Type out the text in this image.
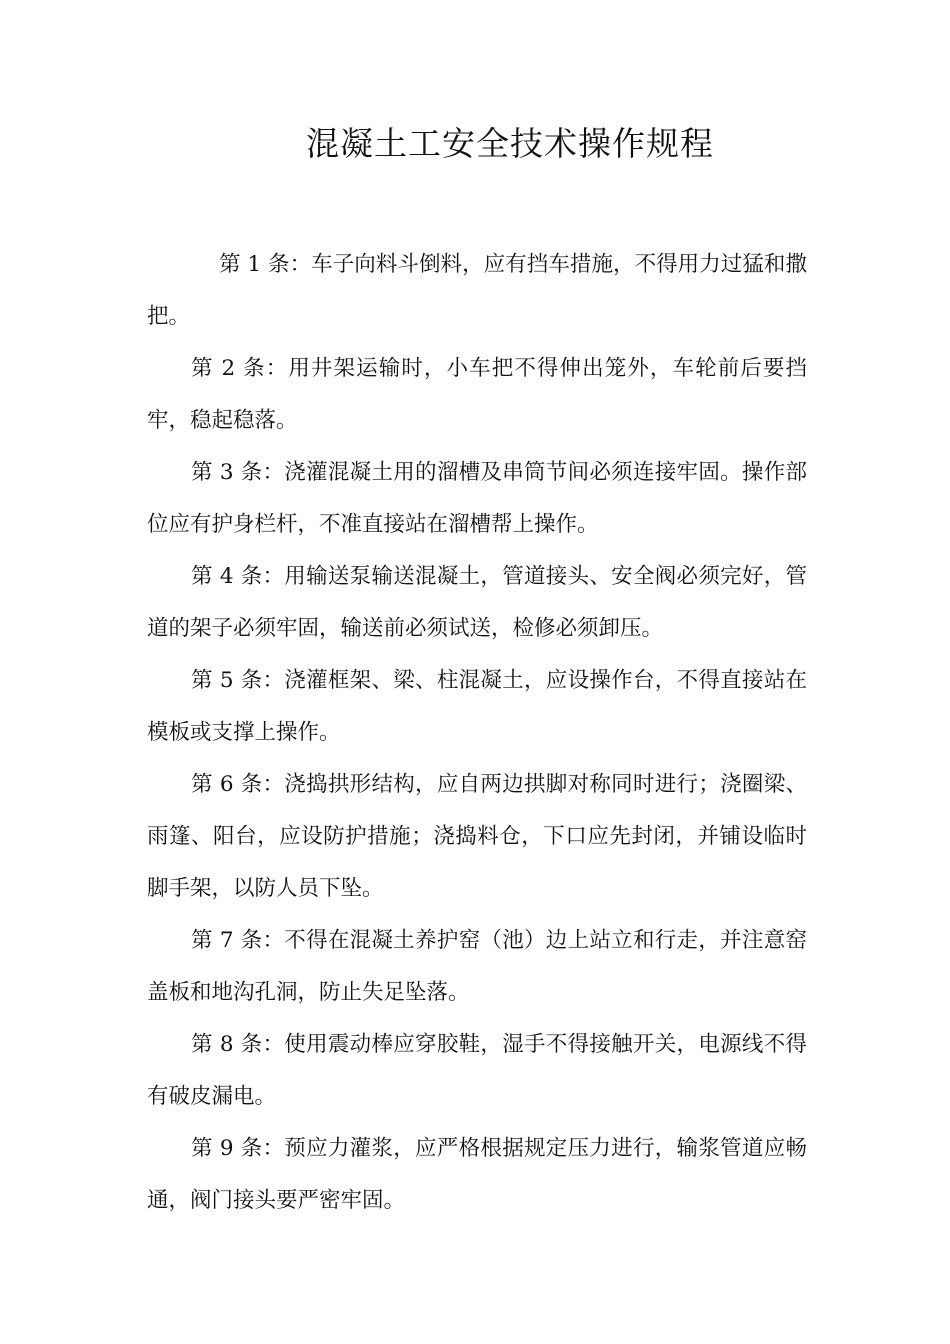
混凝土工安全技术操作规程

第 1 条：车子向料斗倒料，应有挡车措施，不得用力过猛和撒把。

第 2 条：用井架运输时，小车把不得伸出笼外，车轮前后要挡牢，稳起稳落。

第 3 条：浇灌混凝土用的溜槽及串筒节间必须连接牢固。操作部位应有护身栏杆，不准直接站在溜槽帮上操作。

第 4 条：用输送泵输送混凝土，管道接头、安全阀必须完好，管道的架子必须牢固，输送前必须试送，检修必须卸压。

第 5 条：浇灌框架、梁、柱混凝土，应设操作台，不得直接站在模板或支撑上操作。

第 6 条：浇捣拱形结构，应自两边拱脚对称同时进行；浇圈梁、雨篷、阳台，应设防护措施；浇捣料仓，下口应先封闭，并铺设临时脚手架，以防人员下坠。

第 7 条：不得在混凝土养护窑（池）边上站立和行走，并注意窑盖板和地沟孔洞，防止失足坠落。

第 8 条：使用震动棒应穿胶鞋，湿手不得接触开关，电源线不得有破皮漏电。

第 9 条：预应力灌浆，应严格根据规定压力进行，输浆管道应畅通，阀门接头要严密牢固。
